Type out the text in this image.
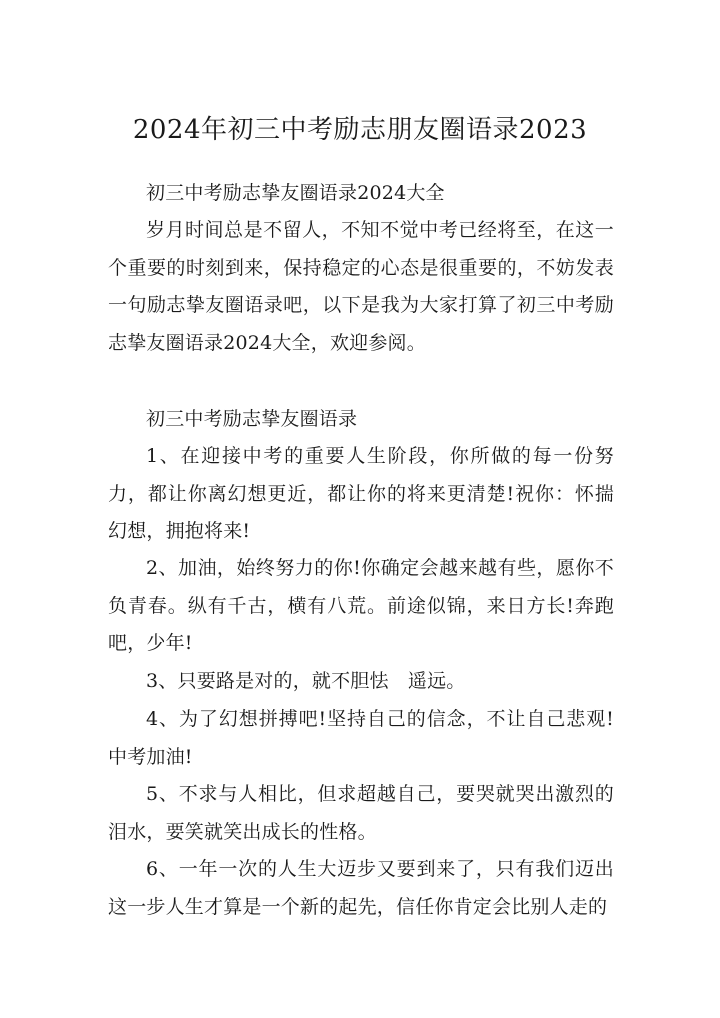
2024年初三中考励志朋友圈语录2023

初三中考励志挚友圈语录2024大全

岁月时间总是不留人，不知不觉中考已经将至，在这一个重要的时刻到来，保持稳定的心态是很重要的，不妨发表一句励志挚友圈语录吧，以下是我为大家打算了初三中考励志挚友圈语录2024大全，欢迎参阅。

初三中考励志挚友圈语录

1、在迎接中考的重要人生阶段，你所做的每一份努力，都让你离幻想更近，都让你的将来更清楚!祝你：怀揣幻想，拥抱将来!

2、加油，始终努力的你!你确定会越来越有些，愿你不负青春。纵有千古，横有八荒。前途似锦，来日方长!奔跑吧，少年!

3、只要路是对的，就不胆怯　遥远。

4、为了幻想拼搏吧!坚持自己的信念，不让自己悲观!中考加油!

5、不求与人相比，但求超越自己，要哭就哭出激烈的泪水，要笑就笑出成长的性格。

6、一年一次的人生大迈步又要到来了，只有我们迈出这一步人生才算是一个新的起先，信任你肯定会比别人走的
